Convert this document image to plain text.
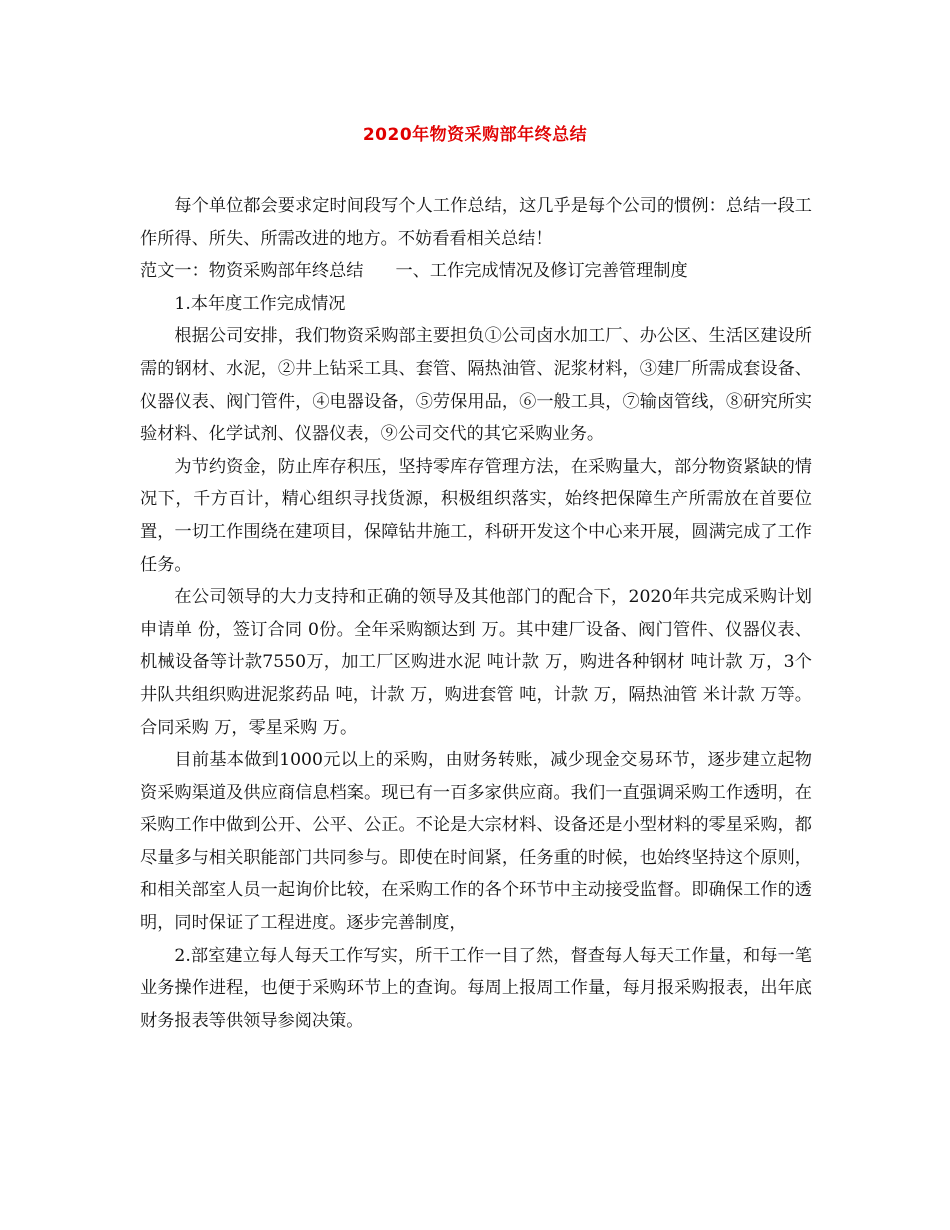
2020年物资采购部年终总结

每个单位都会要求定时间段写个人工作总结，这几乎是每个公司的惯例：总结一段工作所得、所失、所需改进的地方。不妨看看相关总结！

范文一：物资采购部年终总结 一、工作完成情况及修订完善管理制度

1.本年度工作完成情况

根据公司安排，我们物资采购部主要担负①公司卤水加工厂、办公区、生活区建设所需的钢材、水泥，②井上钻采工具、套管、隔热油管、泥浆材料，③建厂所需成套设备、仪器仪表、阀门管件，④电器设备，⑤劳保用品，⑥一般工具，⑦输卤管线，⑧研究所实验材料、化学试剂、仪器仪表，⑨公司交代的其它采购业务。

为节约资金，防止库存积压，坚持零库存管理方法，在采购量大，部分物资紧缺的情况下，千方百计，精心组织寻找货源，积极组织落实，始终把保障生产所需放在首要位置，一切工作围绕在建项目，保障钻井施工，科研开发这个中心来开展，圆满完成了工作任务。

在公司领导的大力支持和正确的领导及其他部门的配合下，2020年共完成采购计划申请单 份，签订合同 0份。全年采购额达到 万。其中建厂设备、阀门管件、仪器仪表、机械设备等计款7550万，加工厂区购进水泥 吨计款 万，购进各种钢材 吨计款 万，3个井队共组织购进泥浆药品 吨，计款 万，购进套管 吨，计款 万，隔热油管 米计款 万等。合同采购 万，零星采购 万。

目前基本做到1000元以上的采购，由财务转账，减少现金交易环节，逐步建立起物资采购渠道及供应商信息档案。现已有一百多家供应商。我们一直强调采购工作透明，在采购工作中做到公开、公平、公正。不论是大宗材料、设备还是小型材料的零星采购，都尽量多与相关职能部门共同参与。即使在时间紧，任务重的时候，也始终坚持这个原则，和相关部室人员一起询价比较，在采购工作的各个环节中主动接受监督。即确保工作的透明，同时保证了工程进度。逐步完善制度，

2.部室建立每人每天工作写实，所干工作一目了然，督查每人每天工作量，和每一笔业务操作进程，也便于采购环节上的查询。每周上报周工作量，每月报采购报表，出年底财务报表等供领导参阅决策。
